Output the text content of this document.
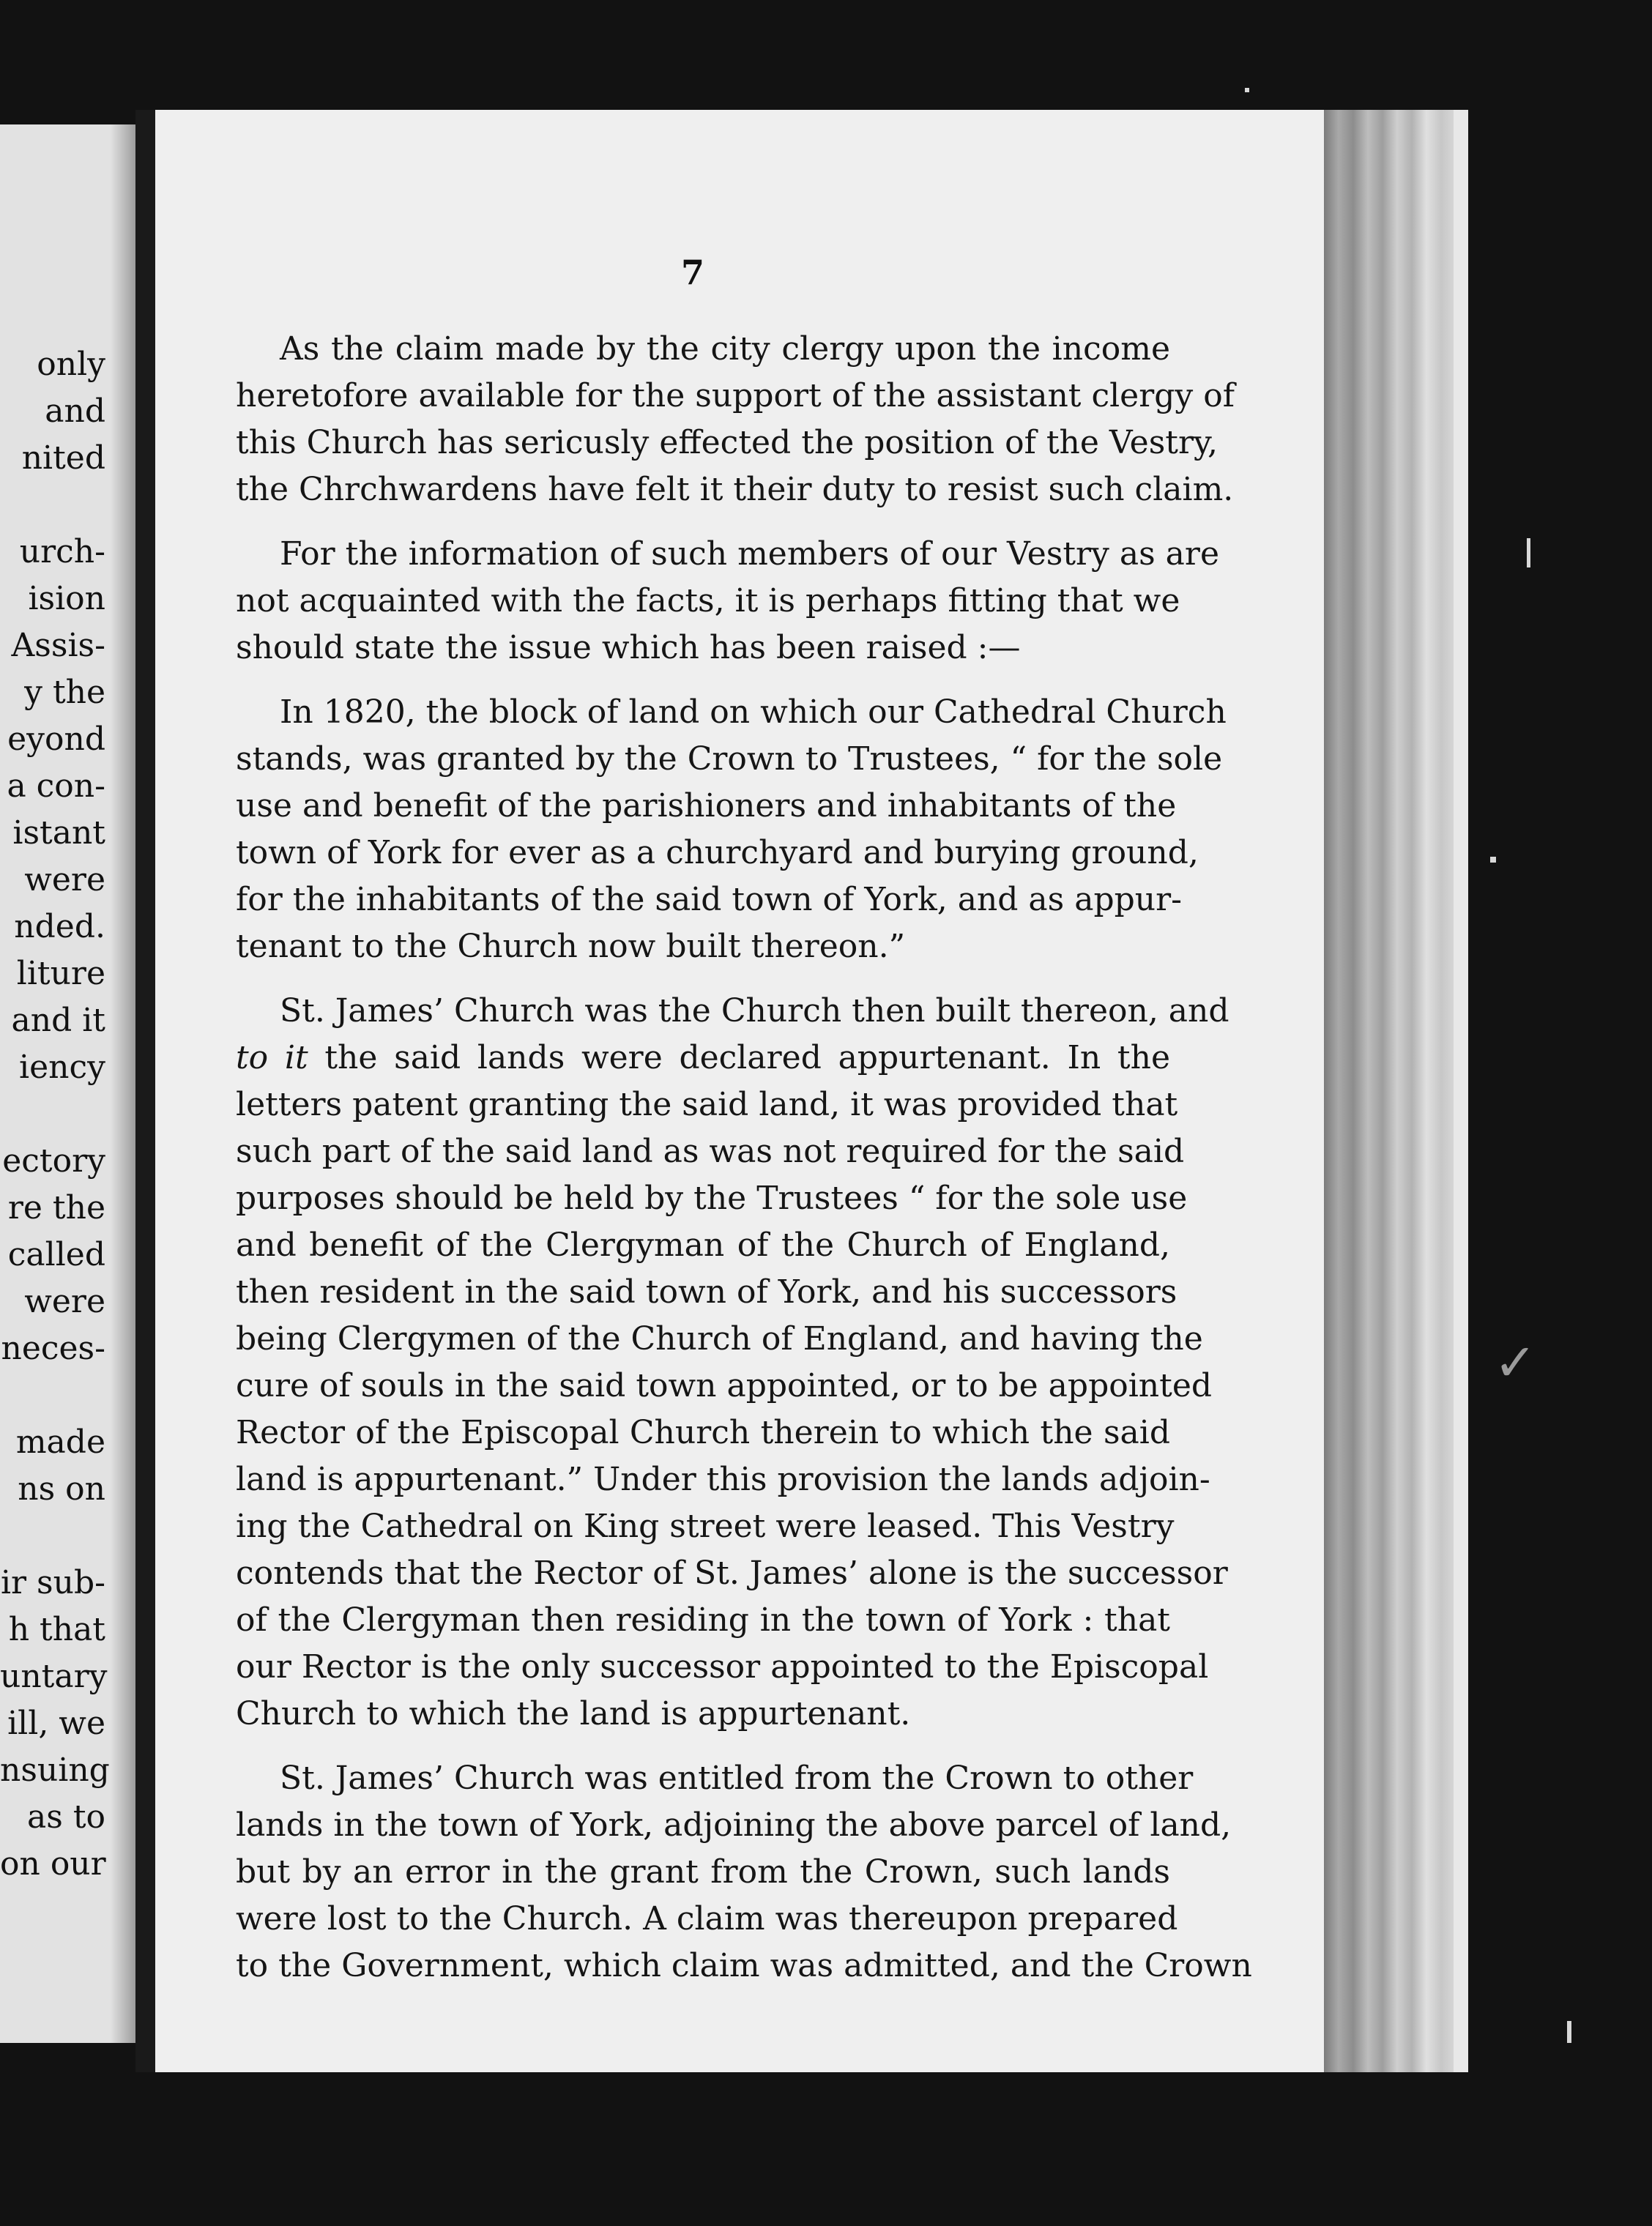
only
and
nited
urch-
ision
Assis-
y the
eyond
a con-
istant
were
nded.
liture
and it
iency
ectory
re the
called
were
neces-
made
ns on
ir sub-
h that
untary
ill, we
nsuing
as to
on our
7
As the claim made by the city clergy upon the income
heretofore available for the support of the assistant clergy of
this Church has sericusly effected the position of the Vestry,
the Chrchwardens have felt it their duty to resist such claim.
For the information of such members of our Vestry as are
not acquainted with the facts, it is perhaps fitting that we
should state the issue which has been raised :—
In 1820, the block of land on which our Cathedral Church
stands, was granted by the Crown to Trustees, “ for the sole
use and benefit of the parishioners and inhabitants of the
town of York for ever as a churchyard and burying ground,
for the inhabitants of the said town of York, and as appur-
tenant to the Church now built thereon.”
St. James’ Church was the Church then built thereon, and
to it the said lands were declared appurtenant. In the
letters patent granting the said land, it was provided that
such part of the said land as was not required for the said
purposes should be held by the Trustees “ for the sole use
and benefit of the Clergyman of the Church of England,
then resident in the said town of York, and his successors
being Clergymen of the Church of England, and having the
cure of souls in the said town appointed, or to be appointed
Rector of the Episcopal Church therein to which the said
land is appurtenant.” Under this provision the lands adjoin-
ing the Cathedral on King street were leased. This Vestry
contends that the Rector of St. James’ alone is the successor
of the Clergyman then residing in the town of York : that
our Rector is the only successor appointed to the Episcopal
Church to which the land is appurtenant.
St. James’ Church was entitled from the Crown to other
lands in the town of York, adjoining the above parcel of land,
but by an error in the grant from the Crown, such lands
were lost to the Church. A claim was thereupon prepared
to the Government, which claim was admitted, and the Crown
✓
